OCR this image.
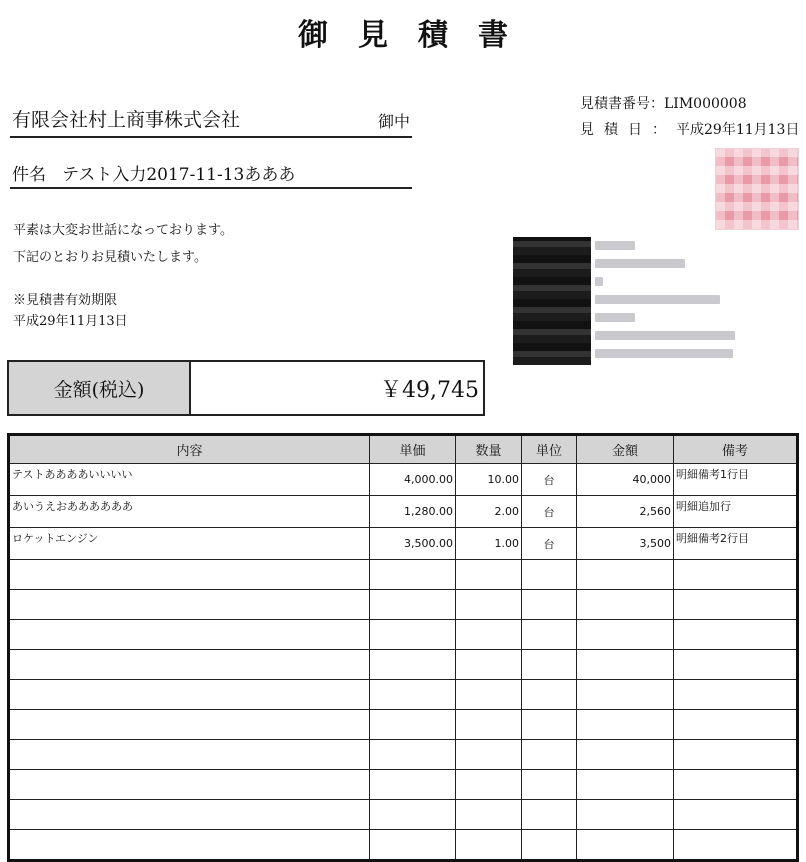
御見積書
有限会社村上商事株式会社	御中
件名 テスト入力2017-11-13あああ
平素は大変お世話になっております。
下記のとおりお見積いたします。
※見積書有効期限
平成29年11月13日
見積書番号：LIM000008
見積日：平成29年11月13日
金額(税込)	￥49,745
内容	単価	数量	単位	金額	備考
テストああああいいいい	4,000.00	10.00	台	40,000	明細備考1行目
あいうえおああああああ	1,280.00	2.00	台	2,560	明細追加行
ロケットエンジン	3,500.00	1.00	台	3,500	明細備考2行目
